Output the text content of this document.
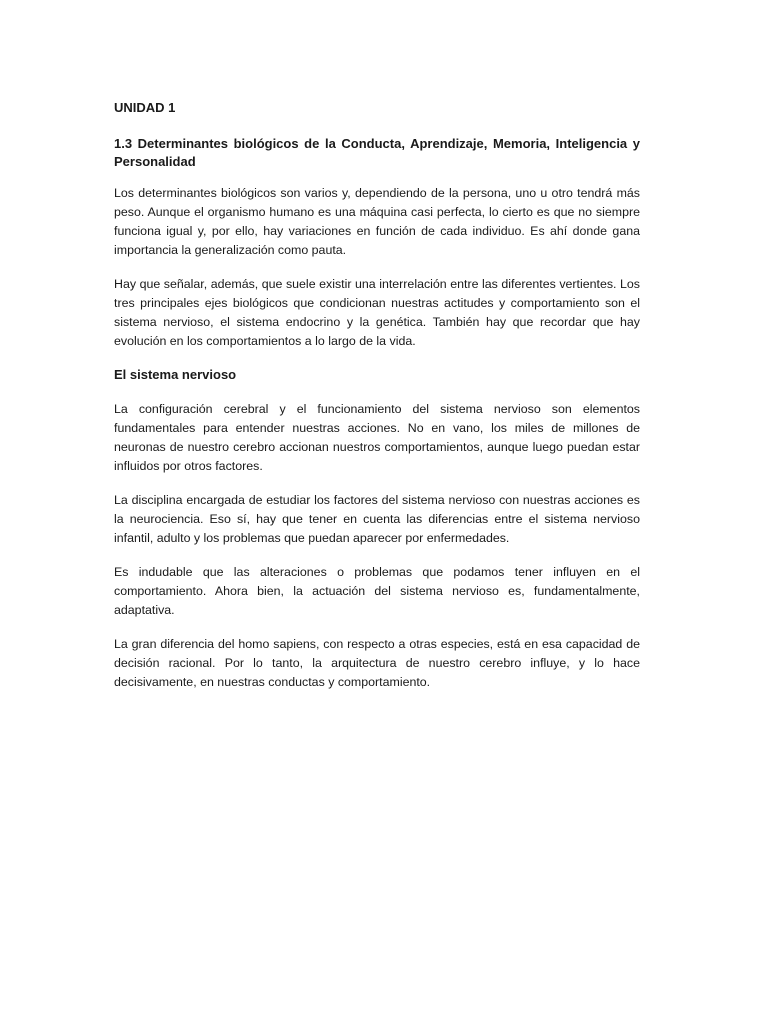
UNIDAD 1
1.3 Determinantes biológicos de la Conducta, Aprendizaje, Memoria, Inteligencia y Personalidad

Los determinantes biológicos son varios y, dependiendo de la persona, uno u otro tendrá más peso. Aunque el organismo humano es una máquina casi perfecta, lo cierto es que no siempre funciona igual y, por ello, hay variaciones en función de cada individuo. Es ahí donde gana importancia la generalización como pauta.

Hay que señalar, además, que suele existir una interrelación entre las diferentes vertientes. Los tres principales ejes biológicos que condicionan nuestras actitudes y comportamiento son el sistema nervioso, el sistema endocrino y la genética. También hay que recordar que hay evolución en los comportamientos a lo largo de la vida.

El sistema nervioso

La configuración cerebral y el funcionamiento del sistema nervioso son elementos fundamentales para entender nuestras acciones. No en vano, los miles de millones de neuronas de nuestro cerebro accionan nuestros comportamientos, aunque luego puedan estar influidos por otros factores.

La disciplina encargada de estudiar los factores del sistema nervioso con nuestras acciones es la neurociencia. Eso sí, hay que tener en cuenta las diferencias entre el sistema nervioso infantil, adulto y los problemas que puedan aparecer por enfermedades.

Es indudable que las alteraciones o problemas que podamos tener influyen en el comportamiento. Ahora bien, la actuación del sistema nervioso es, fundamentalmente, adaptativa.

La gran diferencia del homo sapiens, con respecto a otras especies, está en esa capacidad de decisión racional. Por lo tanto, la arquitectura de nuestro cerebro influye, y lo hace decisivamente, en nuestras conductas y comportamiento.
